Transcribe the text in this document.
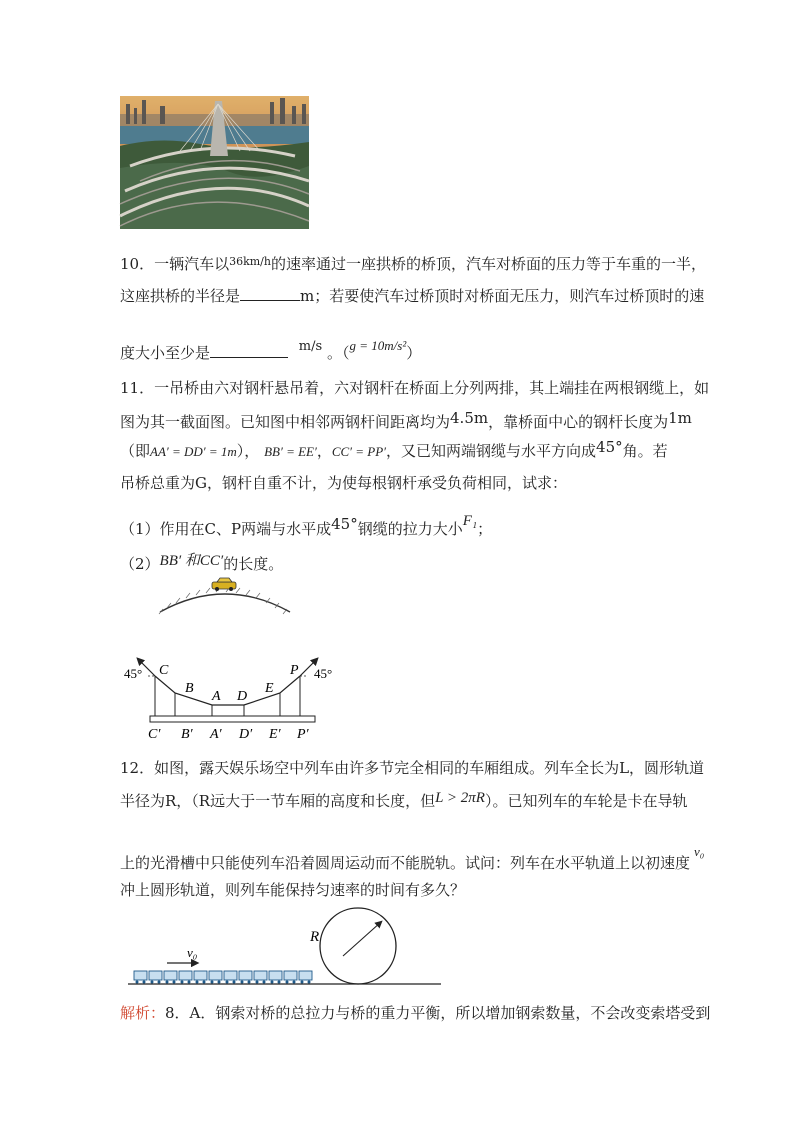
10．一辆汽车以$^{36km/h}$的速率通过一座拱桥的桥顶，汽车对桥面的压力等于车重的一半，
这座拱桥的半径是	m；若要使汽车过桥顶时对桥面无压力，则汽车过桥顶时的速
度大小至少是	m/s 。（g = 10m/s²）
11．一吊桥由六对钢杆悬吊着，六对钢杆在桥面上分列两排，其上端挂在两根钢缆上，如
图为其一截面图。已知图中相邻两钢杆间距离均为4.5m，靠桥面中心的钢杆长度为1m
（即AA′ = DD′ = 1m）， BB′ = EE′，CC′ = PP′，又已知两端钢缆与水平方向成45°角。若
吊桥总重为G，钢杆自重不计，为使每根钢杆承受负荷相同，试求：
（1）作用在C、P两端与水平成45°钢缆的拉力大小F₁；
（2）BB′ 和CC′的长度。
45°	45°
C
B
A D
E
P
C′ B′ A′ D′ E′ P′
12．如图，露天娱乐场空中列车由许多节完全相同的车厢组成。列车全长为L，圆形轨道
半径为R，（R远大于一节车厢的高度和长度，但L > 2πR）。已知列车的车轮是卡在导轨
上的光滑槽中只能使列车沿着圆周运动而不能脱轨。试问：列车在水平轨道上以初速度v₀
冲上圆形轨道，则列车能保持匀速率的时间有多久？
R
v₀
解析：8．A．钢索对桥的总拉力与桥的重力平衡，所以增加钢索数量，不会改变索塔受到
